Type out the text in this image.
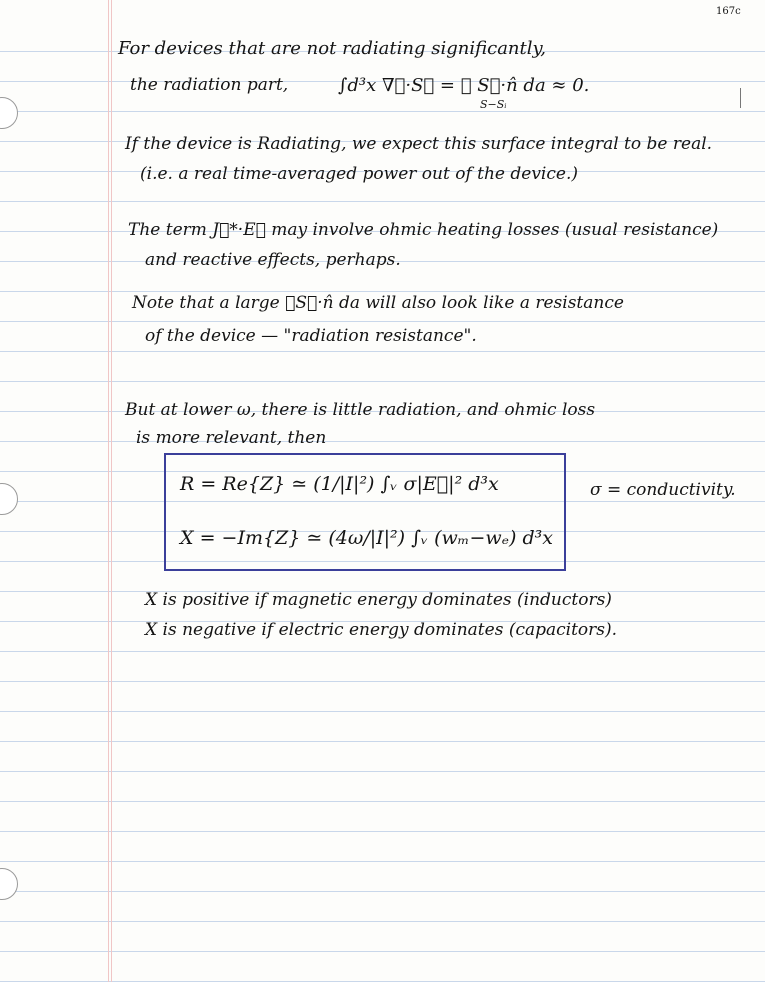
167c

For devices that are not radiating significantly,

the radiation part,	∫d³x ∇⃗·S⃗ = ∮ S⃗·n̂ da ≈ 0.

S−Sᵢ

If the device is Radiating, we expect this surface integral to be real.

(i.e. a real time-averaged power out of the device.)

The term J⃗*·E⃗ may involve ohmic heating losses (usual resistance)

and reactive effects, perhaps.

Note that a large ∮S⃗·n̂ da will also look like a resistance

of the device — "radiation resistance".

But at lower ω, there is little radiation, and ohmic loss

is more relevant, then

R = Re{Z} ≃ (1/|I|²) ∫ᵥ σ|E⃗|² d³x

X = −Im{Z} ≃ (4ω/|I|²) ∫ᵥ (wₘ−wₑ) d³x

σ = conductivity.

X is positive if magnetic energy dominates (inductors)

X is negative if electric energy dominates (capacitors).
